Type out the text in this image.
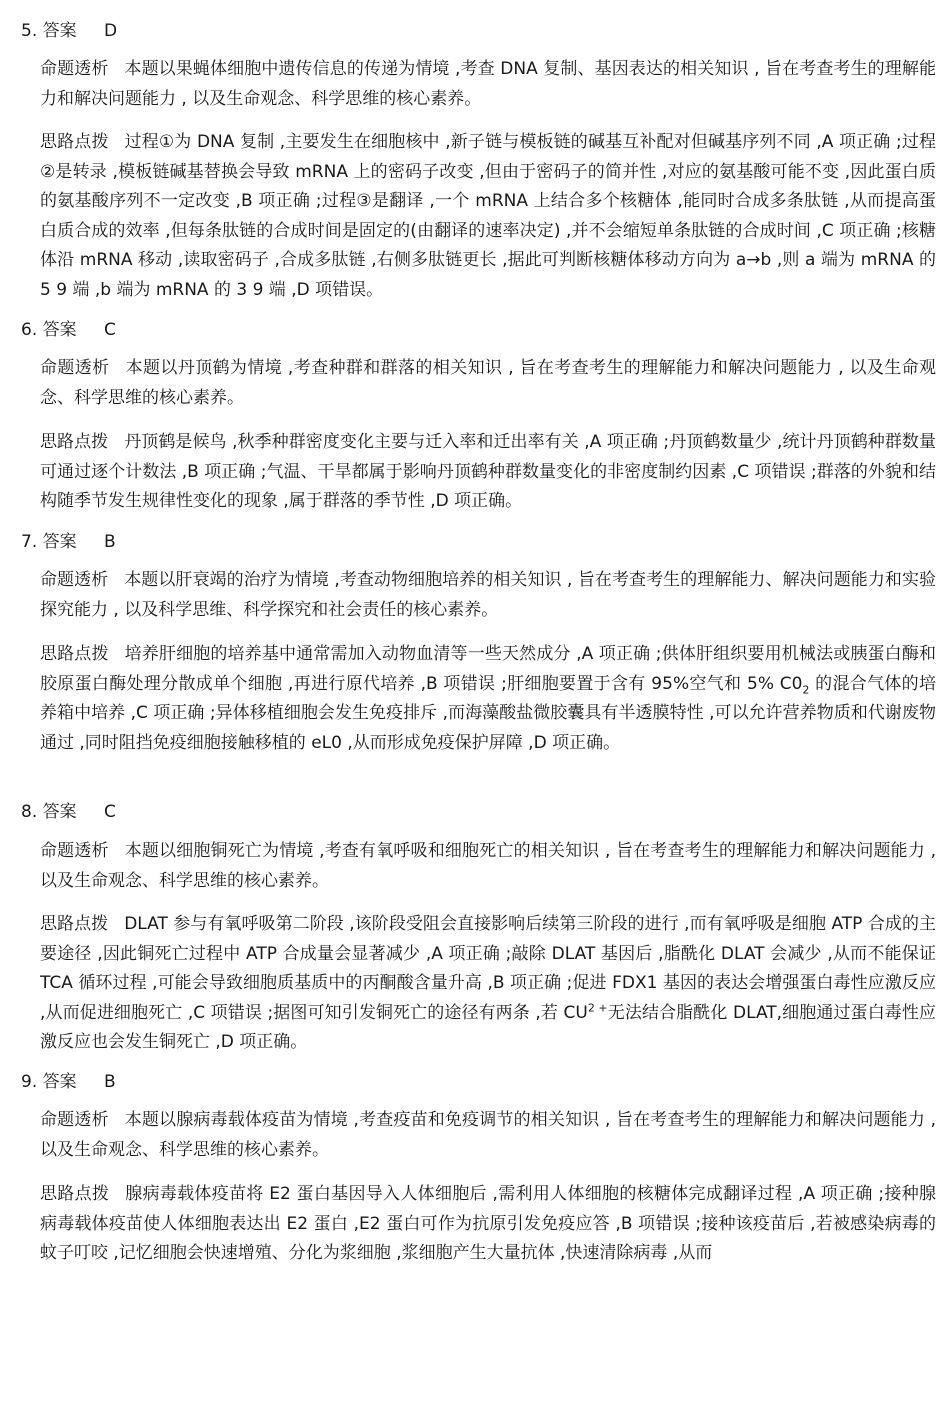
5. 答案 D
命题透析 本题以果蝇体细胞中遗传信息的传递为情境 ,考查 DNA 复制、基因表达的相关知识 , 旨在考查考生的理解能力和解决问题能力 , 以及生命观念、科学思维的核心素养。
思路点拨 过程①为 DNA 复制 ,主要发生在细胞核中 ,新子链与模板链的碱基互补配对但碱基序列不同 ,A 项正确 ;过程②是转录 ,模板链碱基替换会导致 mRNA 上的密码子改变 ,但由于密码子的简并性 ,对应的氨基酸可能不变 ,因此蛋白质的氨基酸序列不一定改变 ,B 项正确 ;过程③是翻译 ,一个 mRNA 上结合多个核糖体 ,能同时合成多条肽链 ,从而提高蛋白质合成的效率 ,但每条肽链的合成时间是固定的(由翻译的速率决定) ,并不会缩短单条肽链的合成时间 ,C 项正确 ;核糖体沿 mRNA 移动 ,读取密码子 ,合成多肽链 ,右侧多肽链更长 ,据此可判断核糖体移动方向为 a→b ,则 a 端为 mRNA 的 5 9 端 ,b 端为 mRNA 的 3 9 端 ,D 项错误。
6. 答案 C
命题透析 本题以丹顶鹤为情境 ,考查种群和群落的相关知识 , 旨在考查考生的理解能力和解决问题能力 , 以及生命观念、科学思维的核心素养。
思路点拨 丹顶鹤是候鸟 ,秋季种群密度变化主要与迁入率和迁出率有关 ,A 项正确 ;丹顶鹤数量少 ,统计丹顶鹤种群数量可通过逐个计数法 ,B 项正确 ;气温、干旱都属于影响丹顶鹤种群数量变化的非密度制约因素 ,C 项错误 ;群落的外貌和结构随季节发生规律性变化的现象 ,属于群落的季节性 ,D 项正确。
7. 答案 B
命题透析 本题以肝衰竭的治疗为情境 ,考查动物细胞培养的相关知识 , 旨在考查考生的理解能力、解决问题能力和实验探究能力 , 以及科学思维、科学探究和社会责任的核心素养。
思路点拨 培养肝细胞的培养基中通常需加入动物血清等一些天然成分 ,A 项正确 ;供体肝组织要用机械法或胰蛋白酶和胶原蛋白酶处理分散成单个细胞 ,再进行原代培养 ,B 项错误 ;肝细胞要置于含有 95%空气和 5% $C0_2$ 的混合气体的培养箱中培养 ,C 项正确 ;异体移植细胞会发生免疫排斥 ,而海藻酸盐微胶囊具有半透膜特性 ,可以允许营养物质和代谢废物通过 ,同时阻挡免疫细胞接触移植的 eL0 ,从而形成免疫保护屏障 ,D 项正确。
8. 答案 C
命题透析 本题以细胞铜死亡为情境 ,考查有氧呼吸和细胞死亡的相关知识 , 旨在考查考生的理解能力和解决问题能力 , 以及生命观念、科学思维的核心素养。
思路点拨 DLAT 参与有氧呼吸第二阶段 ,该阶段受阻会直接影响后续第三阶段的进行 ,而有氧呼吸是细胞 ATP 合成的主要途径 ,因此铜死亡过程中 ATP 合成量会显著减少 ,A 项正确 ;敲除 DLAT 基因后 ,脂酰化 DLAT 会减少 ,从而不能保证 TCA 循环过程 ,可能会导致细胞质基质中的丙酮酸含量升高 ,B 项正确 ;促进 FDX1 基因的表达会增强蛋白毒性应激反应 ,从而促进细胞死亡 ,C 项错误 ;据图可知引发铜死亡的途径有两条 ,若 $CU^{2 +}$无法结合脂酰化 DLAT,细胞通过蛋白毒性应激反应也会发生铜死亡 ,D 项正确。
9. 答案 B
命题透析 本题以腺病毒载体疫苗为情境 ,考查疫苗和免疫调节的相关知识 , 旨在考查考生的理解能力和解决问题能力 , 以及生命观念、科学思维的核心素养。
思路点拨 腺病毒载体疫苗将 E2 蛋白基因导入人体细胞后 ,需利用人体细胞的核糖体完成翻译过程 ,A 项正确 ;接种腺病毒载体疫苗使人体细胞表达出 E2 蛋白 ,E2 蛋白可作为抗原引发免疫应答 ,B 项错误 ;接种该疫苗后 ,若被感染病毒的蚊子叮咬 ,记忆细胞会快速增殖、分化为浆细胞 ,浆细胞产生大量抗体 ,快速清除病毒 ,从而
